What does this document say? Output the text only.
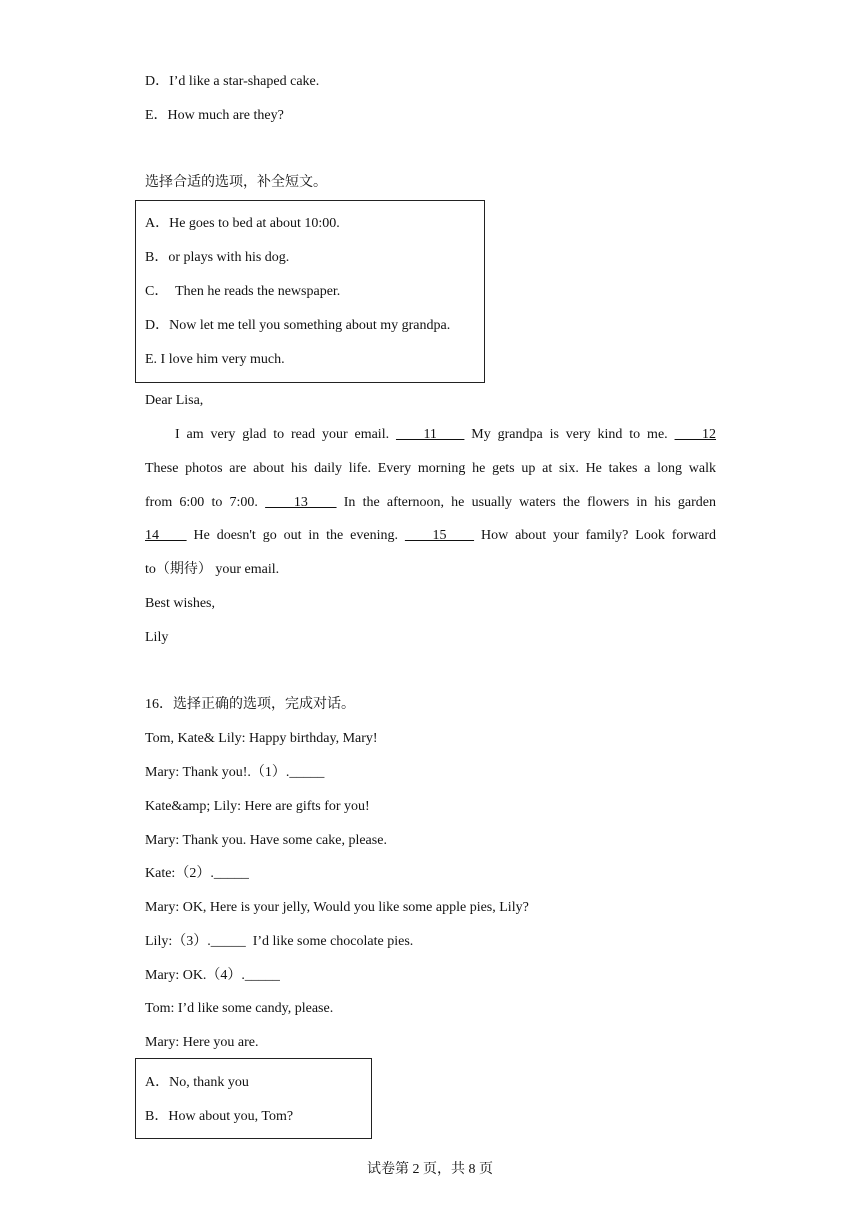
D．I’d like a star-shaped cake.
E．How much are they?
选择合适的选项，补全短文。
A．He goes to bed at about 10:00.
B．or plays with his dog.
C．  Then he reads the newspaper.
D．Now let me tell you something about my grandpa.
E. I love him very much.
Dear Lisa,
I am very glad to read your email.     11     My grandpa is very kind to me.     12
These photos are about his daily life. Every morning he gets up at six. He takes a long walk
from 6:00 to 7:00.     13     In the afternoon, he usually waters the flowers in his garden
14     He doesn't go out in the evening.     15     How about your family? Look forward
to（期待） your email.
Best wishes,
Lily
16．选择正确的选项，完成对话。
Tom, Kate& Lily: Happy birthday, Mary!
Mary: Thank you!.（1）._____
Kate&amp; Lily: Here are gifts for you!
Mary: Thank you. Have some cake, please.
Kate:（2）._____
Mary: OK, Here is your jelly, Would you like some apple pies, Lily?
Lily:（3）._____  I’d like some chocolate pies.
Mary: OK.（4）._____
Tom: I’d like some candy, please.
Mary: Here you are.
A．No, thank you
B．How about you, Tom?
试卷第 2 页，共 8 页
